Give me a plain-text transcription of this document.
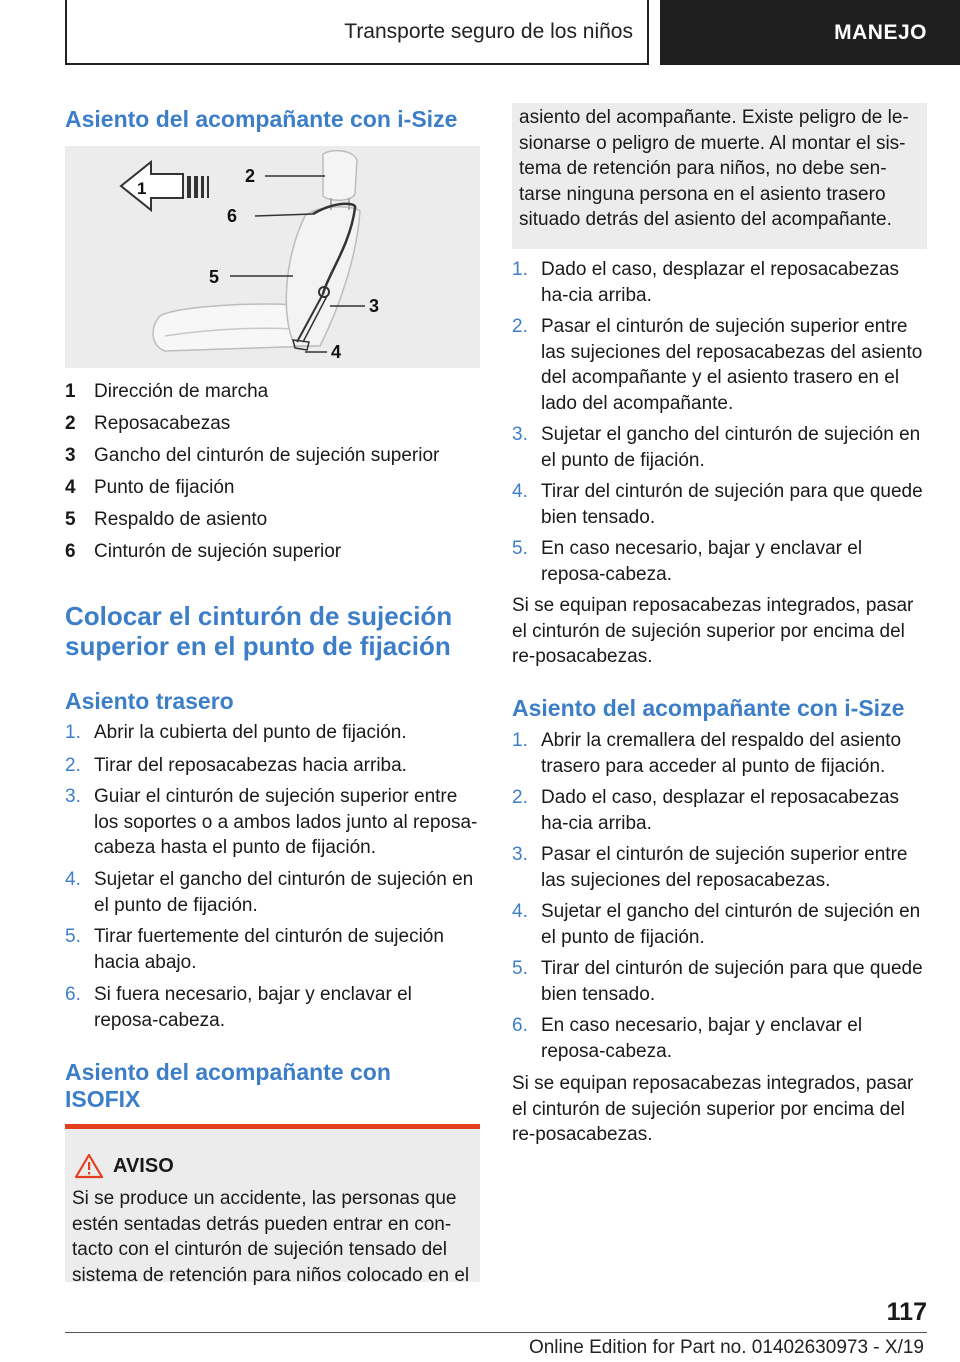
Transporte seguro de los niños	MANEJO
Asiento del acompañante con i-Size
1
2
3
4
5
6
1 Dirección de marcha
2 Reposacabezas
3 Gancho del cinturón de sujeción superior
4 Punto de fijación
5 Respaldo de asiento
6 Cinturón de sujeción superior
Colocar el cinturón de sujeción
superior en el punto de fijación
Asiento trasero
1. Abrir la cubierta del punto de fijación.
2. Tirar del reposacabezas hacia arriba.
3. Guiar el cinturón de sujeción superior entre los soportes o a ambos lados junto al reposa-cabeza hasta el punto de fijación.
4. Sujetar el gancho del cinturón de sujeción en el punto de fijación.
5. Tirar fuertemente del cinturón de sujeción hacia abajo.
6. Si fuera necesario, bajar y enclavar el reposa-cabeza.
Asiento del acompañante con
ISOFIX
AVISO
Si se produce un accidente, las personas que estén sentadas detrás pueden entrar en con-tacto con el cinturón de sujeción tensado del sistema de retención para niños colocado en el
asiento del acompañante. Existe peligro de le-sionarse o peligro de muerte. Al montar el sis-tema de retención para niños, no debe sen-tarse ninguna persona en el asiento trasero situado detrás del asiento del acompañante.
1. Dado el caso, desplazar el reposacabezas ha-cia arriba.
2. Pasar el cinturón de sujeción superior entre las sujeciones del reposacabezas del asiento del acompañante y el asiento trasero en el lado del acompañante.
3. Sujetar el gancho del cinturón de sujeción en el punto de fijación.
4. Tirar del cinturón de sujeción para que quede bien tensado.
5. En caso necesario, bajar y enclavar el reposa-cabeza.
Si se equipan reposacabezas integrados, pasar el cinturón de sujeción superior por encima del re-posacabezas.
Asiento del acompañante con i-Size
1. Abrir la cremallera del respaldo del asiento trasero para acceder al punto de fijación.
2. Dado el caso, desplazar el reposacabezas ha-cia arriba.
3. Pasar el cinturón de sujeción superior entre las sujeciones del reposacabezas.
4. Sujetar el gancho del cinturón de sujeción en el punto de fijación.
5. Tirar del cinturón de sujeción para que quede bien tensado.
6. En caso necesario, bajar y enclavar el reposa-cabeza.
Si se equipan reposacabezas integrados, pasar el cinturón de sujeción superior por encima del re-posacabezas.
117
Online Edition for Part no. 01402630973 - X/19
